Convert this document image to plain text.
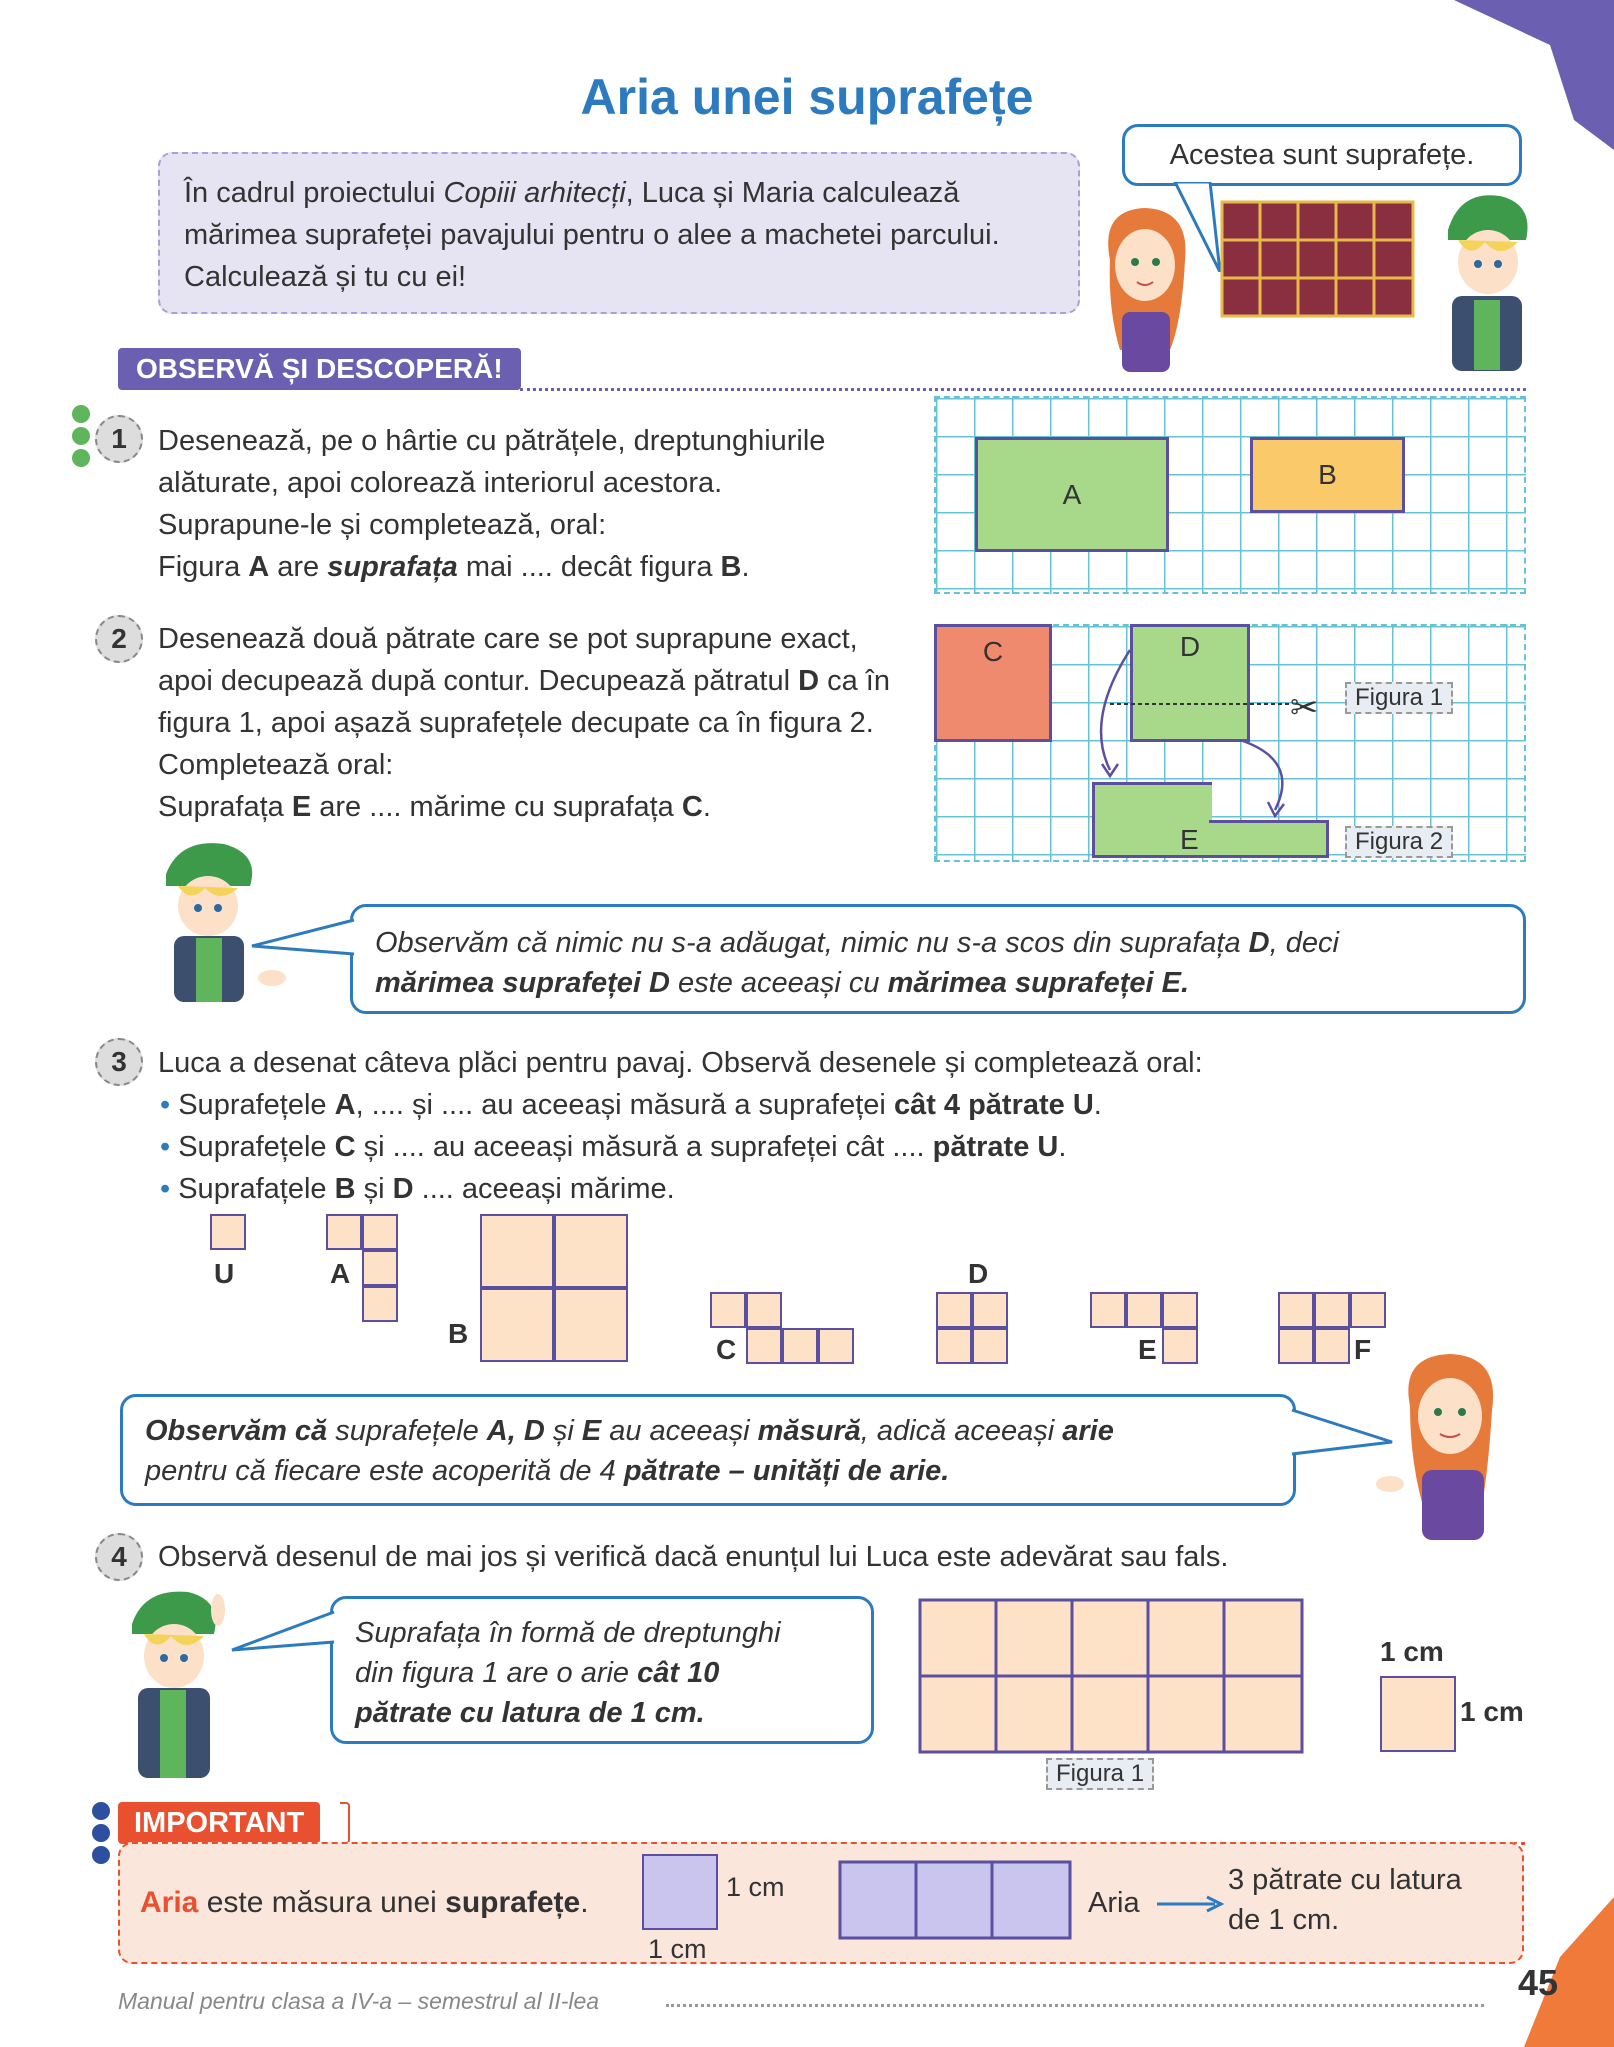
Aria unei suprafețe
În cadrul proiectului Copiii arhitecți, Luca și Maria calculează mărimea suprafeței pavajului pentru o alee a machetei parcului. Calculează și tu cu ei!
Acestea sunt suprafețe.
OBSERVĂ ȘI DESCOPERĂ!
1	Desenează, pe o hârtie cu pătrățele, dreptunghiurile
alăturate, apoi colorează interiorul acestora.
Suprapune-le și completează, oral:
Figura A are suprafața mai .... decât figura B.
A
B
2	Desenează două pătrate care se pot suprapune exact,
apoi decupează după contur. Decupează pătratul D ca în
figura 1, apoi așază suprafețele decupate ca în figura 2.
Completează oral:
Suprafața E are .... mărime cu suprafața C.
C	D
✂	Figura 1
E	Figura 2
Observăm că nimic nu s-a adăugat, nimic nu s-a scos din suprafața D, deci
mărimea suprafeței D este aceeași cu mărimea suprafeței E.
3	Luca a desenat câteva plăci pentru pavaj. Observă desenele și completează oral:
• Suprafețele A, .... și .... au aceeași măsură a suprafeței cât 4 pătrate U.
• Suprafețele C și .... au aceeași măsură a suprafeței cât .... pătrate U.
• Suprafațele B și D .... aceeași mărime.
U	A
B
C
D
E	F
Observăm că suprafețele A, D și E au aceeași măsură, adică aceeași arie
pentru că fiecare este acoperită de 4 pătrate – unități de arie.
4	Observă desenul de mai jos și verifică dacă enunțul lui Luca este adevărat sau fals.
Suprafața în formă de dreptunghi
din figura 1 are o arie cât 10
pătrate cu latura de 1 cm.
Figura 1
1 cm
1 cm
IMPORTANT
Aria este măsura unei suprafețe.	1 cm
1 cm
Aria
3 pătrate cu latura
de 1 cm.
Manual pentru clasa a IV-a – semestrul al II-lea	45
